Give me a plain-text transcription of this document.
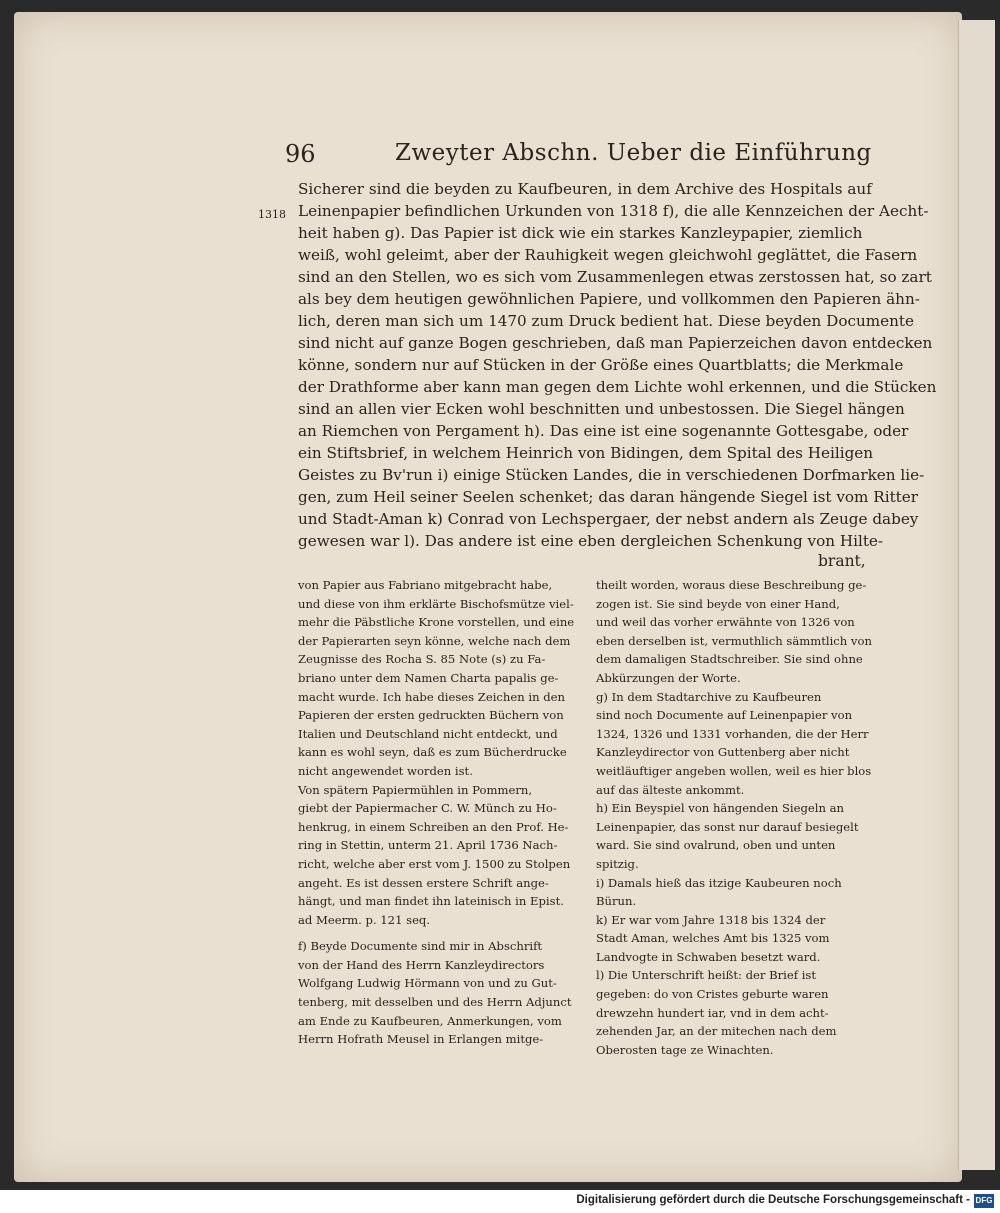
96	Zweyter Abschn. Ueber die Einführung
1318
Sicherer sind die beyden zu Kaufbeuren, in dem Archive des Hospitals auf
Leinenpapier befindlichen Urkunden von 1318 f), die alle Kennzeichen der Aecht-
heit haben g). Das Papier ist dick wie ein starkes Kanzleypapier, ziemlich
weiß, wohl geleimt, aber der Rauhigkeit wegen gleichwohl geglättet, die Fasern
sind an den Stellen, wo es sich vom Zusammenlegen etwas zerstossen hat, so zart
als bey dem heutigen gewöhnlichen Papiere, und vollkommen den Papieren ähn-
lich, deren man sich um 1470 zum Druck bedient hat. Diese beyden Documente
sind nicht auf ganze Bogen geschrieben, daß man Papierzeichen davon entdecken
könne, sondern nur auf Stücken in der Größe eines Quartblatts; die Merkmale
der Drathforme aber kann man gegen dem Lichte wohl erkennen, und die Stücken
sind an allen vier Ecken wohl beschnitten und unbestossen. Die Siegel hängen
an Riemchen von Pergament h). Das eine ist eine sogenannte Gottesgabe, oder
ein Stiftsbrief, in welchem Heinrich von Bidingen, dem Spital des Heiligen
Geistes zu Bv'run i) einige Stücken Landes, die in verschiedenen Dorfmarken lie-
gen, zum Heil seiner Seelen schenket; das daran hängende Siegel ist vom Ritter
und Stadt-Aman k) Conrad von Lechspergaer, der nebst andern als Zeuge dabey
gewesen war l). Das andere ist eine eben dergleichen Schenkung von Hilte-
brant,
von Papier aus Fabriano mitgebracht habe,
und diese von ihm erklärte Bischofsmütze viel-
mehr die Päbstliche Krone vorstellen, und eine
der Papierarten seyn könne, welche nach dem
Zeugnisse des Rocha S. 85 Note (s) zu Fa-
briano unter dem Namen Charta papalis ge-
macht wurde. Ich habe dieses Zeichen in den
Papieren der ersten gedruckten Büchern von
Italien und Deutschland nicht entdeckt, und
kann es wohl seyn, daß es zum Bücherdrucke
nicht angewendet worden ist.
Von spätern Papiermühlen in Pommern,
giebt der Papiermacher C. W. Münch zu Ho-
henkrug, in einem Schreiben an den Prof. He-
ring in Stettin, unterm 21. April 1736 Nach-
richt, welche aber erst vom J. 1500 zu Stolpen
angeht. Es ist dessen erstere Schrift ange-
hängt, und man findet ihn lateinisch in Epist.
ad Meerm. p. 121 seq.
f) Beyde Documente sind mir in Abschrift
von der Hand des Herrn Kanzleydirectors
Wolfgang Ludwig Hörmann von und zu Gut-
tenberg, mit desselben und des Herrn Adjunct
am Ende zu Kaufbeuren, Anmerkungen, vom
Herrn Hofrath Meusel in Erlangen mitge-
theilt worden, woraus diese Beschreibung ge-
zogen ist. Sie sind beyde von einer Hand,
und weil das vorher erwähnte von 1326 von
eben derselben ist, vermuthlich sämmtlich von
dem damaligen Stadtschreiber. Sie sind ohne
Abkürzungen der Worte.
g) In dem Stadtarchive zu Kaufbeuren
sind noch Documente auf Leinenpapier von
1324, 1326 und 1331 vorhanden, die der Herr
Kanzleydirector von Guttenberg aber nicht
weitläuftiger angeben wollen, weil es hier blos
auf das älteste ankommt.
h) Ein Beyspiel von hängenden Siegeln an
Leinenpapier, das sonst nur darauf besiegelt
ward. Sie sind ovalrund, oben und unten
spitzig.
i) Damals hieß das itzige Kaubeuren noch
Bürun.
k) Er war vom Jahre 1318 bis 1324 der
Stadt Aman, welches Amt bis 1325 vom
Landvogte in Schwaben besetzt ward.
l) Die Unterschrift heißt: der Brief ist
gegeben: do von Cristes geburte waren
drewzehn hundert iar, vnd in dem acht-
zehenden Jar, an der mitechen nach dem
Oberosten tage ze Winachten.
Digitalisierung gefördert durch die Deutsche Forschungsgemeinschaft - DFG
